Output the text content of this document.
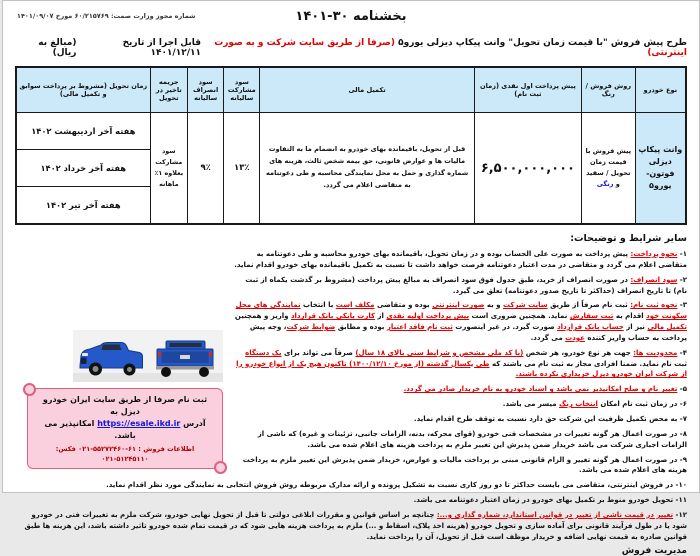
بخشنامه ۳۰-۱۴۰۱
شماره مجوز وزارت صمت: ۶۰/۲۱۵۷۶۹ مورخ ۱۴۰۱/۰۹/۰۷
طرح پیش فروش "با قیمت زمان تحویل" وانت پیکاپ دیزلی یورو۵ (صرفا از طریق سایت شرکت و به صورت اینترنتی)
قابل اجرا از تاریخ ۱۴۰۱/۱۲/۱۱
(مبالغ به ریال)
نوع خودرو	روش فروش / رنگ	پیش پرداخت اول نقدی (زمان ثبت نام)	تکمیل مالی	سود مشارکت سالیانه	سود انصراف سالیانه	جریمه تاخیر در تحویل	زمان تحویل (مشروط بر پرداخت سوابق و تکمیل مالی)
وانت پیکاپ دیزلی فوتون- یورو۵	پیش فروش با قیمت زمان تحویل / سفید و رنگی	۶,۵۰۰,۰۰۰,۰۰۰	قبل از تحویل، باقیمانده بهای خودرو به انضمام ما به التفاوت مالیات ها و عوارض قانونی، حق بیمه شخص ثالث، هزینه های شماره گذاری و حمل به محل نمایندگی محاسبه و طی دعوتنامه به متقاضی اعلام می گردد.	۱۳٪	۹٪	سود مشارکت بعلاوه ۱٪ ماهانه	هفته آخر اردیبهشت ۱۴۰۲
							هفته آخر خرداد ۱۴۰۲
							هفته آخر تیر ۱۴۰۲
سایر شرایط و توضیحات:
ثبت نام صرفا از طریق سایت ایران خودرو دیزل به
آدرس https://esale.ikd.ir امکانپذیر می باشد.
اطلاعات فروش : ۶۱-۵۵۲۷۲۴۶۰-۰۲۱ فکس: ۵۱۲۴۵۱۱۰-۰۲۱
۱- نحوه پرداخت: پیش پرداخت به صورت علی الحساب بوده و در زمان تحویل، باقیمانده بهای خودرو محاسبه و طی دعوتنامه به متقاضی اعلام می گردد و متقاضی در مدت اعتبار دعوتنامه فرصت خواهد داشت تا نسبت به تکمیل باقیمانده بهای خودرو اقدام نماید.
۲- سود انصراف: در صورت انصراف از خرید، طبق جدول فوق سود انصراف به مبالغ پیش پرداخت (مشروط بر گذشت یکماه از ثبت نام) تا تاریخ انصراف (حداکثر تا تاریخ صدور دعوتنامه) تعلق می گیرد.
۳- نحوه ثبت نام: ثبت نام صرفاً از طریق سایت شرکت و به صورت اینترنتی بوده و متقاضی مکلف است با انتخاب نمایندگی های محل سکونت خود اقدام به ثبت سفارش نماید. همچنین ضروری است پیش پرداخت اولیه نقدی از کارت بانکی بانک قرارداد واریز و همچنین تکمیل مالی نیز از حساب بانک قرارداد صورت گیرد. در غیر اینصورت ثبت نام فاقد اعتبار بوده و مطابق ضوابط شرکت، وجه پیش پرداخت به حساب واریز کننده عودت می گردد.
۴- محدودیت ها: جهت هر نوع خودرو، هر شخص (با کد ملی مشخص و شرایط سنی بالای ۱۸ سال) صرفاً می تواند برای یک دستگاه ثبت نام نماید. ضمنا افرادی مجاز به ثبت نام می باشند که طی یکسال گذشته (از مورخ ۱۴۰۰/۱۲/۱۰) تاکنون هیچ یک از انواع خودرو را از شرکت ایران خودرو دیزل خریداری نکرده باشند.
۵- تغییر نام و صلح امکانپذیر نمی باشد و اسناد خودرو به نام خریدار صادر می گردد.
۶- در زمان ثبت نام امکان انتخاب رنگ میسر می باشد.
۷- به محض تکمیل ظرفیت این شرکت حق دارد نسبت به توقف طرح اقدام نماید.
۸- در صورت اعمال هر گونه تغییرات در مشخصات فنی خودرو (قوای محرکه، بدنه، الزامات جانبی، تزئینات و غیره) که ناشی از الزامات اجباری شرکت می باشد خریدار ضمن پذیرش این تغییر ملزم به پرداخت هزینه های اعلام شده می باشد.
۹- در صورت اعمال هر گونه تغییر و الزام قانونی مبنی بر پرداخت مالیات و عوارض، خریدار ضمن پذیرش این تغییر ملزم به پرداخت هزینه های اعلام شده می باشد.
۱۰- در فروش اینترنتی، متقاضی می بایست حداکثر تا دو روز کاری نسبت به تشکیل پرونده و ارائه مدارک مربوطه روش فروش انتخابی به نمایندگی مورد نظر اقدام نماید.
۱۱- تحویل خودرو منوط بر تکمیل بهای خودرو در زمان اعتبار دعوتنامه می باشد.
۱۲- تغییر در قیمت ناشی از تغییر در قوانین استاندارد، شماره گذاری و...: چنانچه بر اساس قوانین و مقررات ابلاغی دولتی تا قبل از تحویل نهایی خودرو، شرکت ملزم به تغییرات فنی در خودرو شود یا در طول فرآیند قانونی برای آماده سازی و تحویل خودرو (هزینه اخذ پلاک، اسقاط و ...) ملزم به پرداخت هزینه هایی شود که در قیمت تمام شده خودرو تاثیر داشته باشد، این هزینه ها طبق قوانین صادره به قیمت نهایی اضافه و خریدار موظف است قبل از تحویل، آن را پرداخت نماید.
مدیریت فروش
